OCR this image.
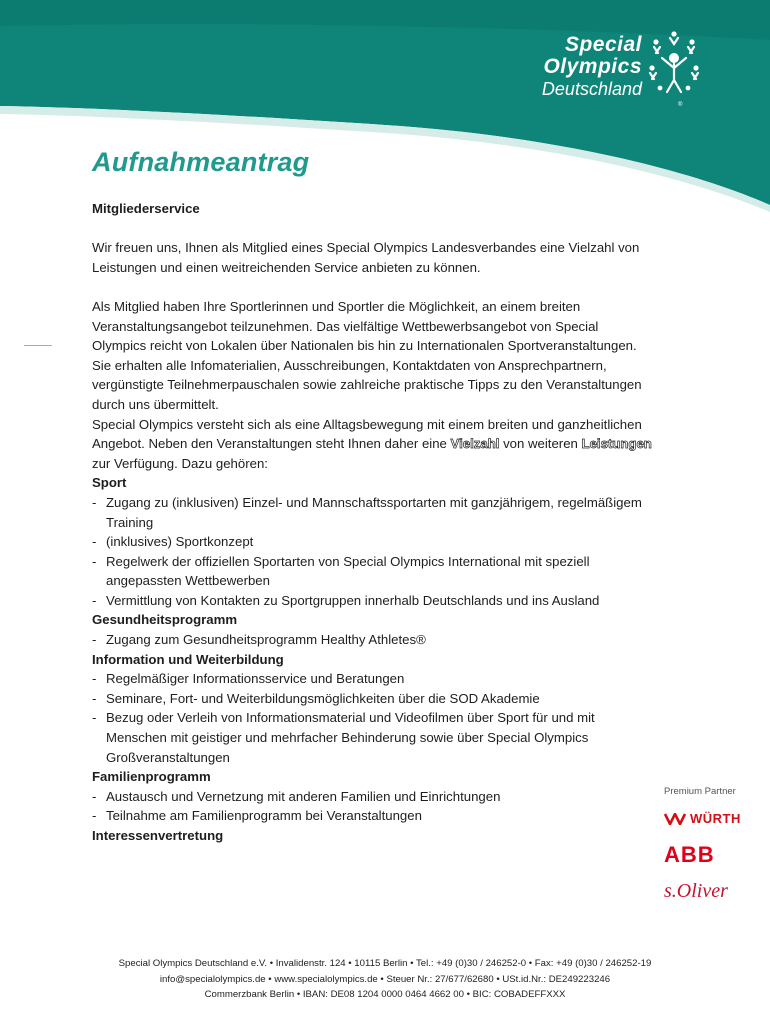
Special
Olympics
Deutschland
®
Aufnahmeantrag

Mitgliederservice

Wir freuen uns, Ihnen als Mitglied eines Special Olympics Landesverbandes eine Vielzahl von Leistungen und einen weitreichenden Service anbieten zu können.

Als Mitglied haben Ihre Sportlerinnen und Sportler die Möglichkeit, an einem breiten Veranstaltungsangebot teilzunehmen. Das vielfältige Wettbewerbsangebot von Special Olympics reicht von Lokalen über Nationalen bis hin zu Internationalen Sportveranstaltungen. Sie erhalten alle Infomaterialien, Ausschreibungen, Kontaktdaten von Ansprechpartnern, vergünstigte Teilnehmerpauschalen sowie zahlreiche praktische Tipps zu den Veranstaltungen durch uns übermittelt.

Special Olympics versteht sich als eine Alltagsbewegung mit einem breiten und ganzheitlichen Angebot. Neben den Veranstaltungen steht Ihnen daher eine Vielzahl von weiteren Leistungen zur Verfügung. Dazu gehören:

Sport

- Zugang zu (inklusiven) Einzel- und Mannschaftssportarten mit ganzjährigem, regelmäßigem Training
- (inklusives) Sportkonzept
- Regelwerk der offiziellen Sportarten von Special Olympics International mit speziell angepassten Wettbewerben
- Vermittlung von Kontakten zu Sportgruppen innerhalb Deutschlands und ins Ausland

Gesundheitsprogramm

- Zugang zum Gesundheitsprogramm Healthy Athletes®

Information und Weiterbildung

- Regelmäßiger Informationsservice und Beratungen
- Seminare, Fort- und Weiterbildungsmöglichkeiten über die SOD Akademie
- Bezug oder Verleih von Informationsmaterial und Videofilmen über Sport für und mit Menschen mit geistiger und mehrfacher Behinderung sowie über Special Olympics Großveranstaltungen

Familienprogramm

- Austausch und Vernetzung mit anderen Familien und Einrichtungen
- Teilnahme am Familienprogramm bei Veranstaltungen

Interessenvertretung

Premium Partner
WÜRTH
ABB
s.Oliver
Special Olympics Deutschland e.V. • Invalidenstr. 124 • 10115 Berlin • Tel.: +49 (0)30 / 246252-0 • Fax: +49 (0)30 / 246252-19
info@specialolympics.de • www.specialolympics.de • Steuer Nr.: 27/677/62680 • USt.id.Nr.: DE249223246
Commerzbank Berlin • IBAN: DE08 1204 0000 0464 4662 00 • BIC: COBADEFFXXX
